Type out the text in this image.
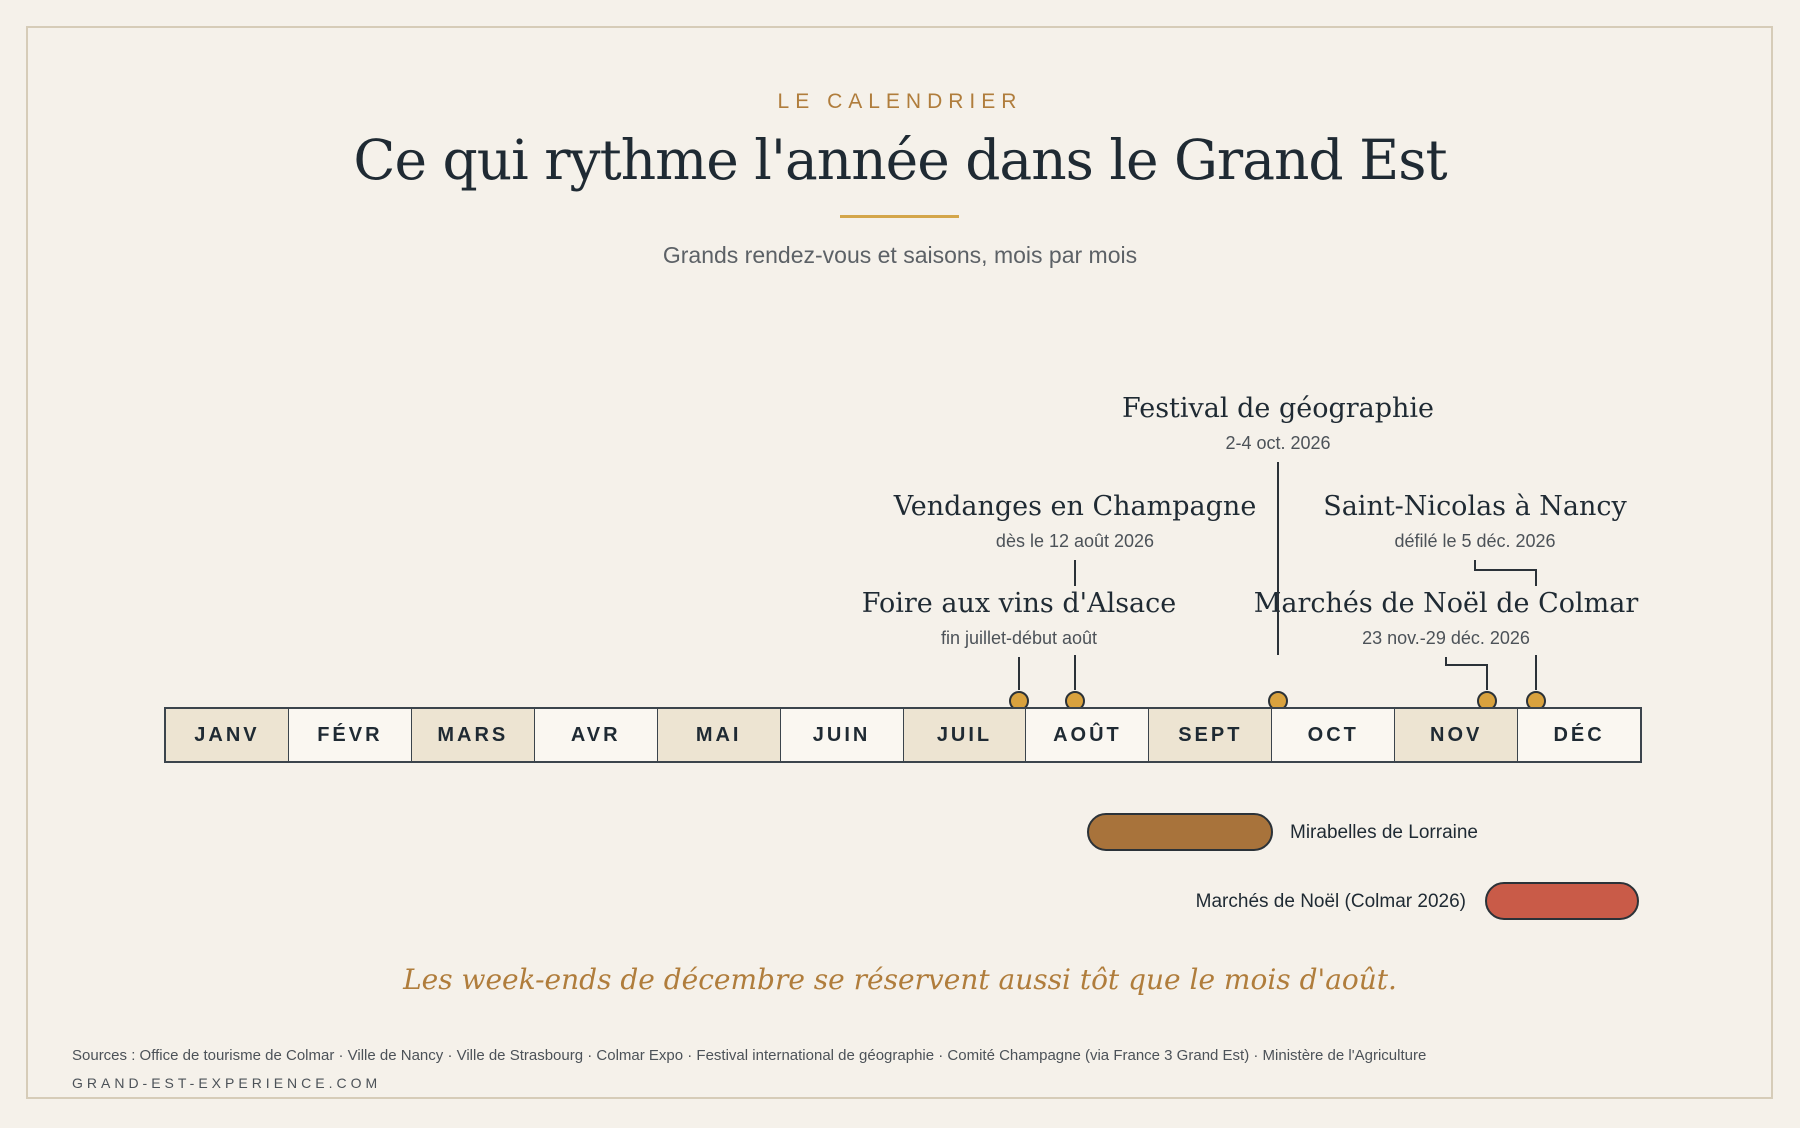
LE CALENDRIER
Ce qui rythme l'année dans le Grand Est
Grands rendez-vous et saisons, mois par mois
Festival de géographie
2-4 oct. 2026
Vendanges en Champagne
dès le 12 août 2026
Saint-Nicolas à Nancy
défilé le 5 déc. 2026
Foire aux vins d'Alsace
fin juillet-début août
Marchés de Noël de Colmar
23 nov.-29 déc. 2026
JANV	FÉVR	MARS	AVR	MAI	JUIN	JUIL	AOÛT	SEPT	OCT	NOV	DÉC
Mirabelles de Lorraine
Marchés de Noël (Colmar 2026)
Les week-ends de décembre se réservent aussi tôt que le mois d'août.
Sources : Office de tourisme de Colmar · Ville de Nancy · Ville de Strasbourg · Colmar Expo · Festival international de géographie · Comité Champagne (via France 3 Grand Est) · Ministère de l'Agriculture
GRAND-EST-EXPERIENCE.COM
